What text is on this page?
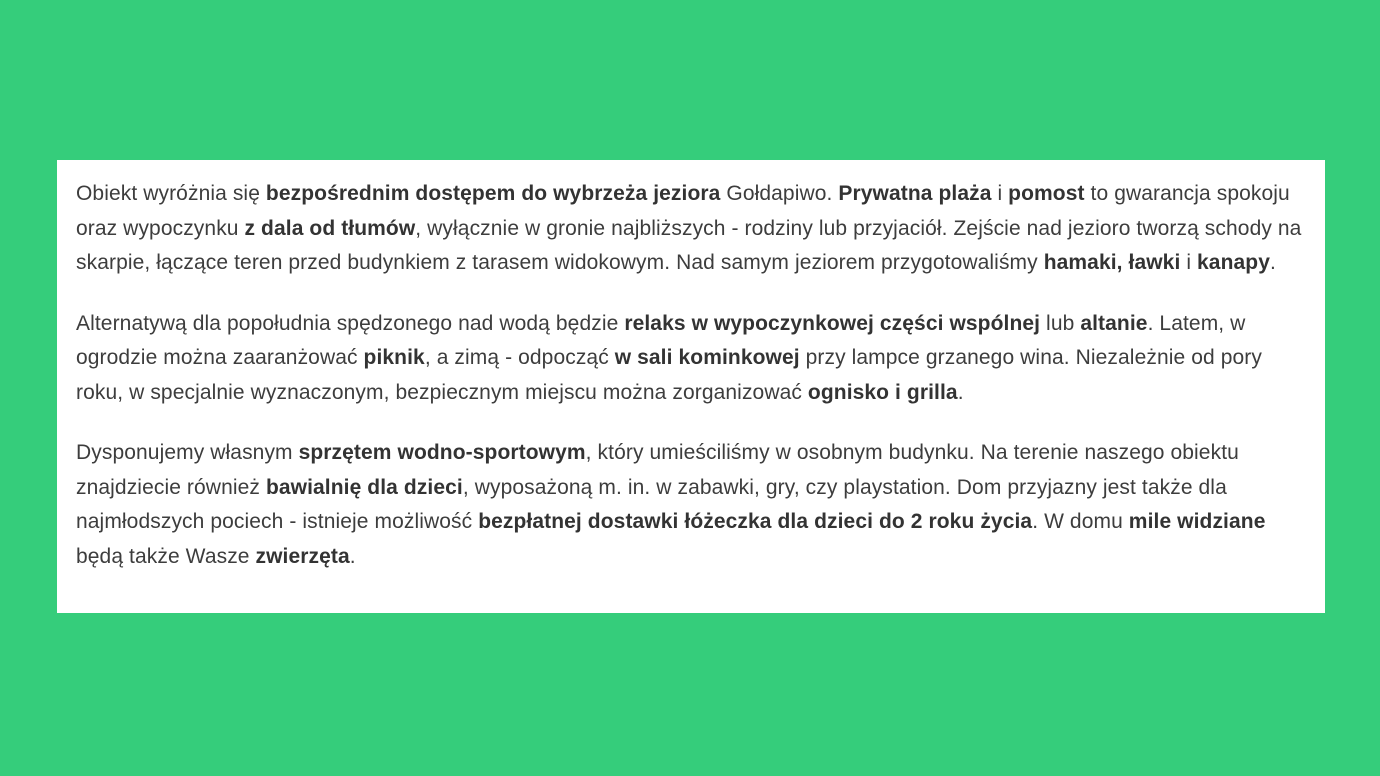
Obiekt wyróżnia się bezpośrednim dostępem do wybrzeża jeziora Gołdapiwo. Prywatna plaża i pomost to gwarancja spokoju oraz wypoczynku z dala od tłumów, wyłącznie w gronie najbliższych - rodziny lub przyjaciół. Zejście nad jezioro tworzą schody na skarpie, łączące teren przed budynkiem z tarasem widokowym. Nad samym jeziorem przygotowaliśmy hamaki, ławki i kanapy.

Alternatywą dla popołudnia spędzonego nad wodą będzie relaks w wypoczynkowej części wspólnej lub altanie. Latem, w ogrodzie można zaaranżować piknik, a zimą - odpocząć w sali kominkowej przy lampce grzanego wina. Niezależnie od pory roku, w specjalnie wyznaczonym, bezpiecznym miejscu można zorganizować ognisko i grilla.

Dysponujemy własnym sprzętem wodno-sportowym, który umieściliśmy w osobnym budynku. Na terenie naszego obiektu znajdziecie również bawialnię dla dzieci, wyposażoną m. in. w zabawki, gry, czy playstation. Dom przyjazny jest także dla najmłodszych pociech - istnieje możliwość bezpłatnej dostawki łóżeczka dla dzieci do 2 roku życia. W domu mile widziane będą także Wasze zwierzęta.
